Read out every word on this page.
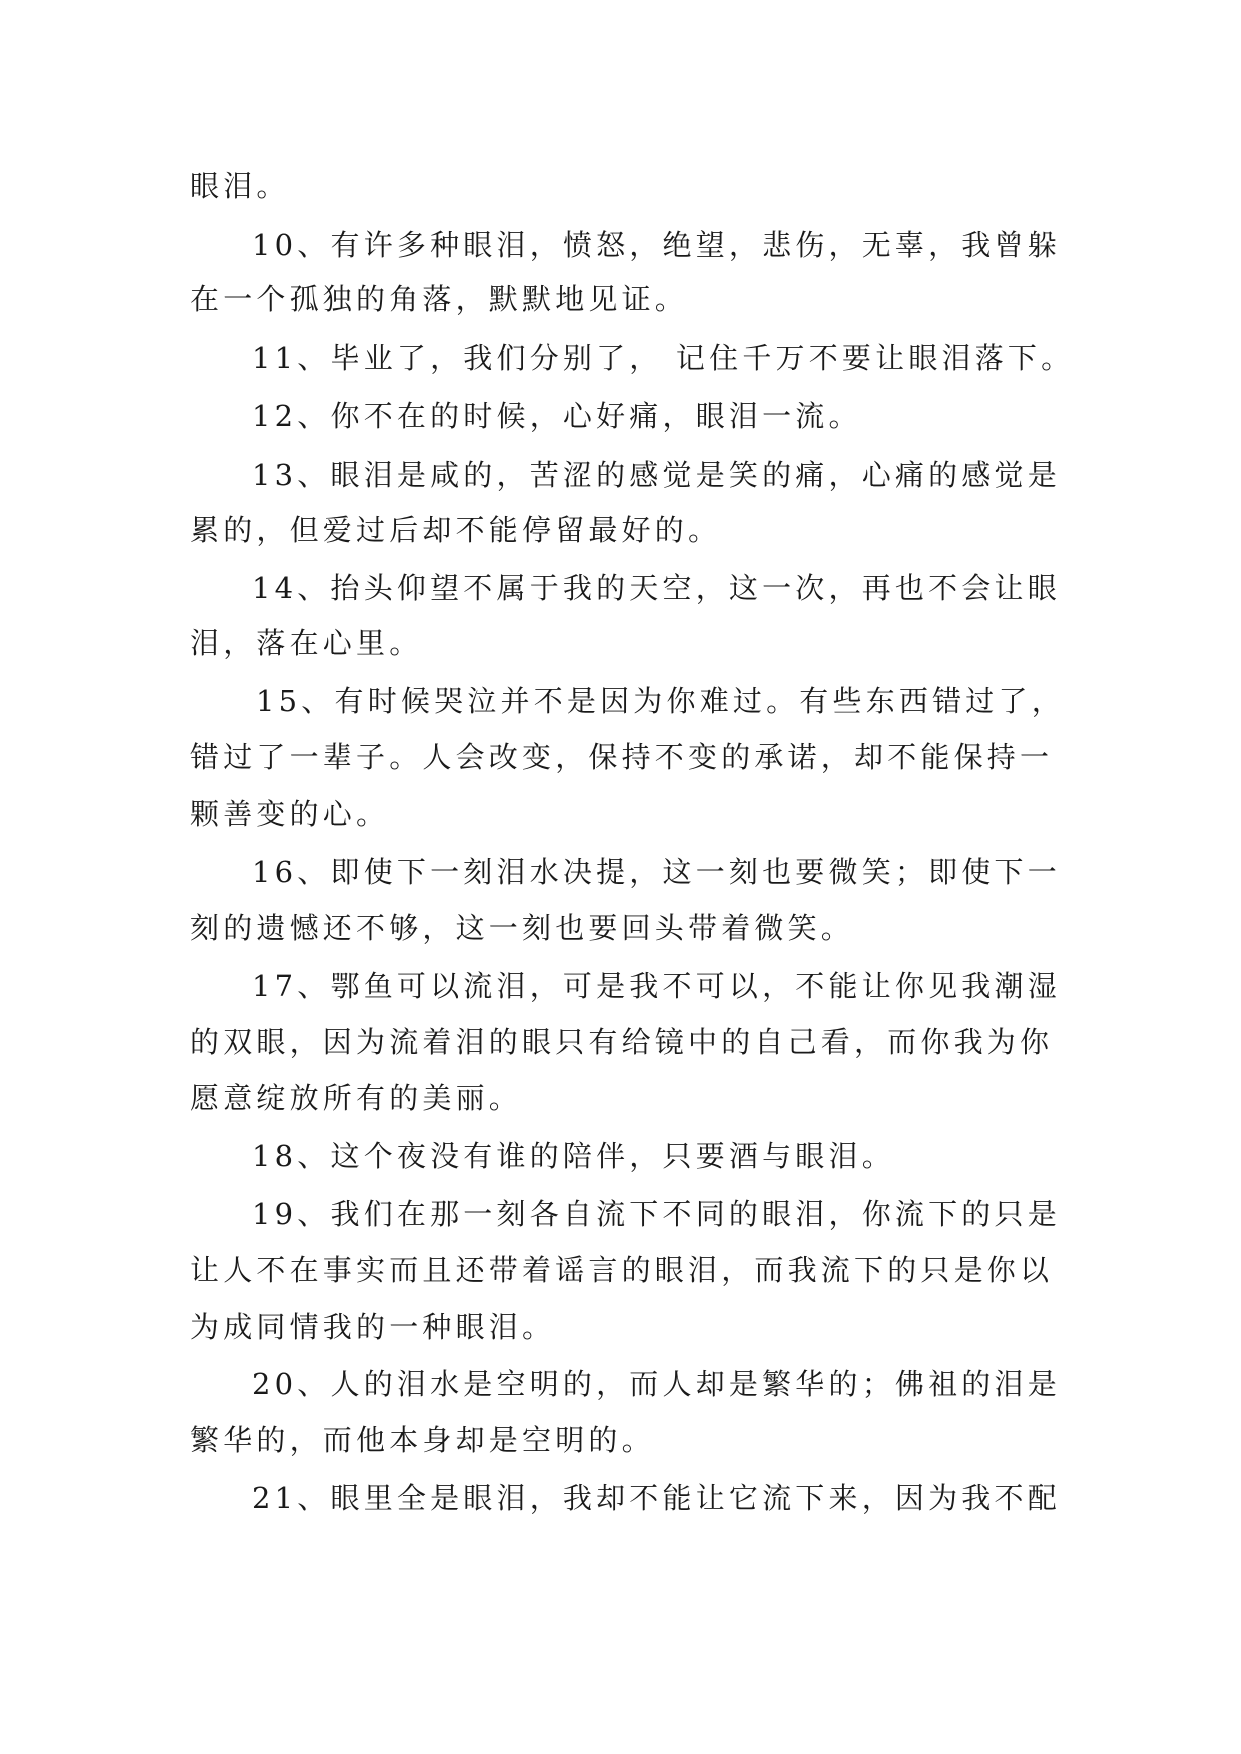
眼泪。
10、有许多种眼泪，愤怒，绝望，悲伤，无辜，我曾躲
在一个孤独的角落，默默地见证。
11、毕业了，我们分别了， 记住千万不要让眼泪落下。
12、你不在的时候，心好痛，眼泪一流。
13、眼泪是咸的，苦涩的感觉是笑的痛，心痛的感觉是
累的，但爱过后却不能停留最好的。
14、抬头仰望不属于我的天空，这一次，再也不会让眼
泪，落在心里。
15、有时候哭泣并不是因为你难过。有些东西错过了，
错过了一辈子。人会改变，保持不变的承诺，却不能保持一
颗善变的心。
16、即使下一刻泪水决提，这一刻也要微笑；即使下一
刻的遗憾还不够，这一刻也要回头带着微笑。
17、鄂鱼可以流泪，可是我不可以，不能让你见我潮湿
的双眼，因为流着泪的眼只有给镜中的自己看，而你我为你
愿意绽放所有的美丽。
18、这个夜没有谁的陪伴，只要酒与眼泪。
19、我们在那一刻各自流下不同的眼泪，你流下的只是
让人不在事实而且还带着谣言的眼泪，而我流下的只是你以
为成同情我的一种眼泪。
20、人的泪水是空明的，而人却是繁华的；佛祖的泪是
繁华的，而他本身却是空明的。
21、眼里全是眼泪，我却不能让它流下来，因为我不配
